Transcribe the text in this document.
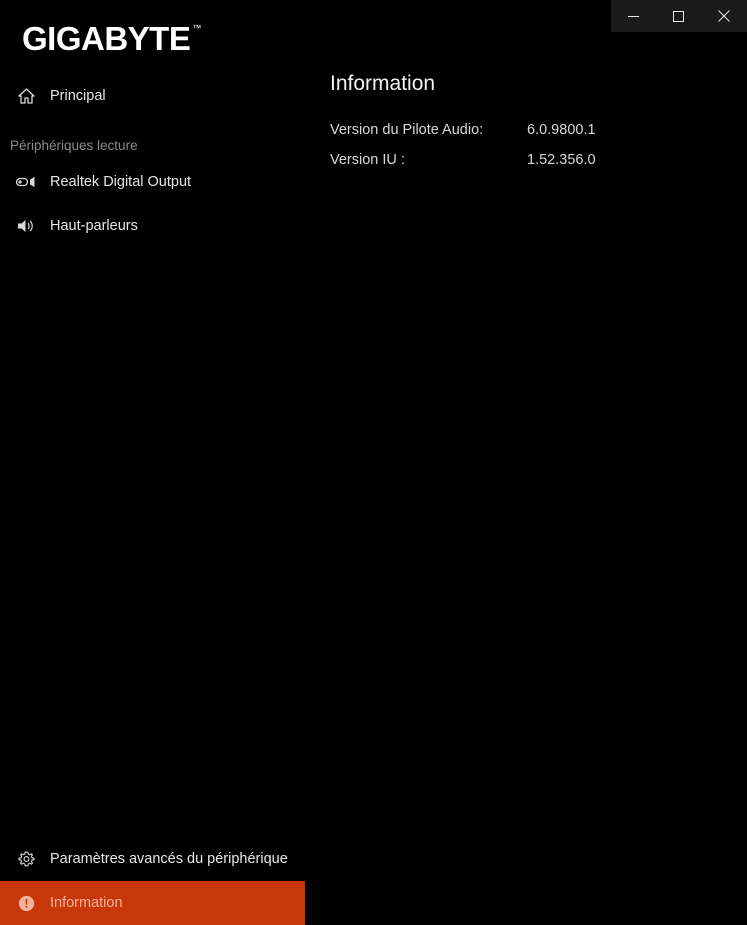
GIGABYTE ™
Principal
Périphériques lecture
Realtek Digital Output
Haut-parleurs
Paramètres avancés du périphérique
Information
Information
Version du Pilote Audio:	6.0.9800.1
Version IU :	1.52.356.0
